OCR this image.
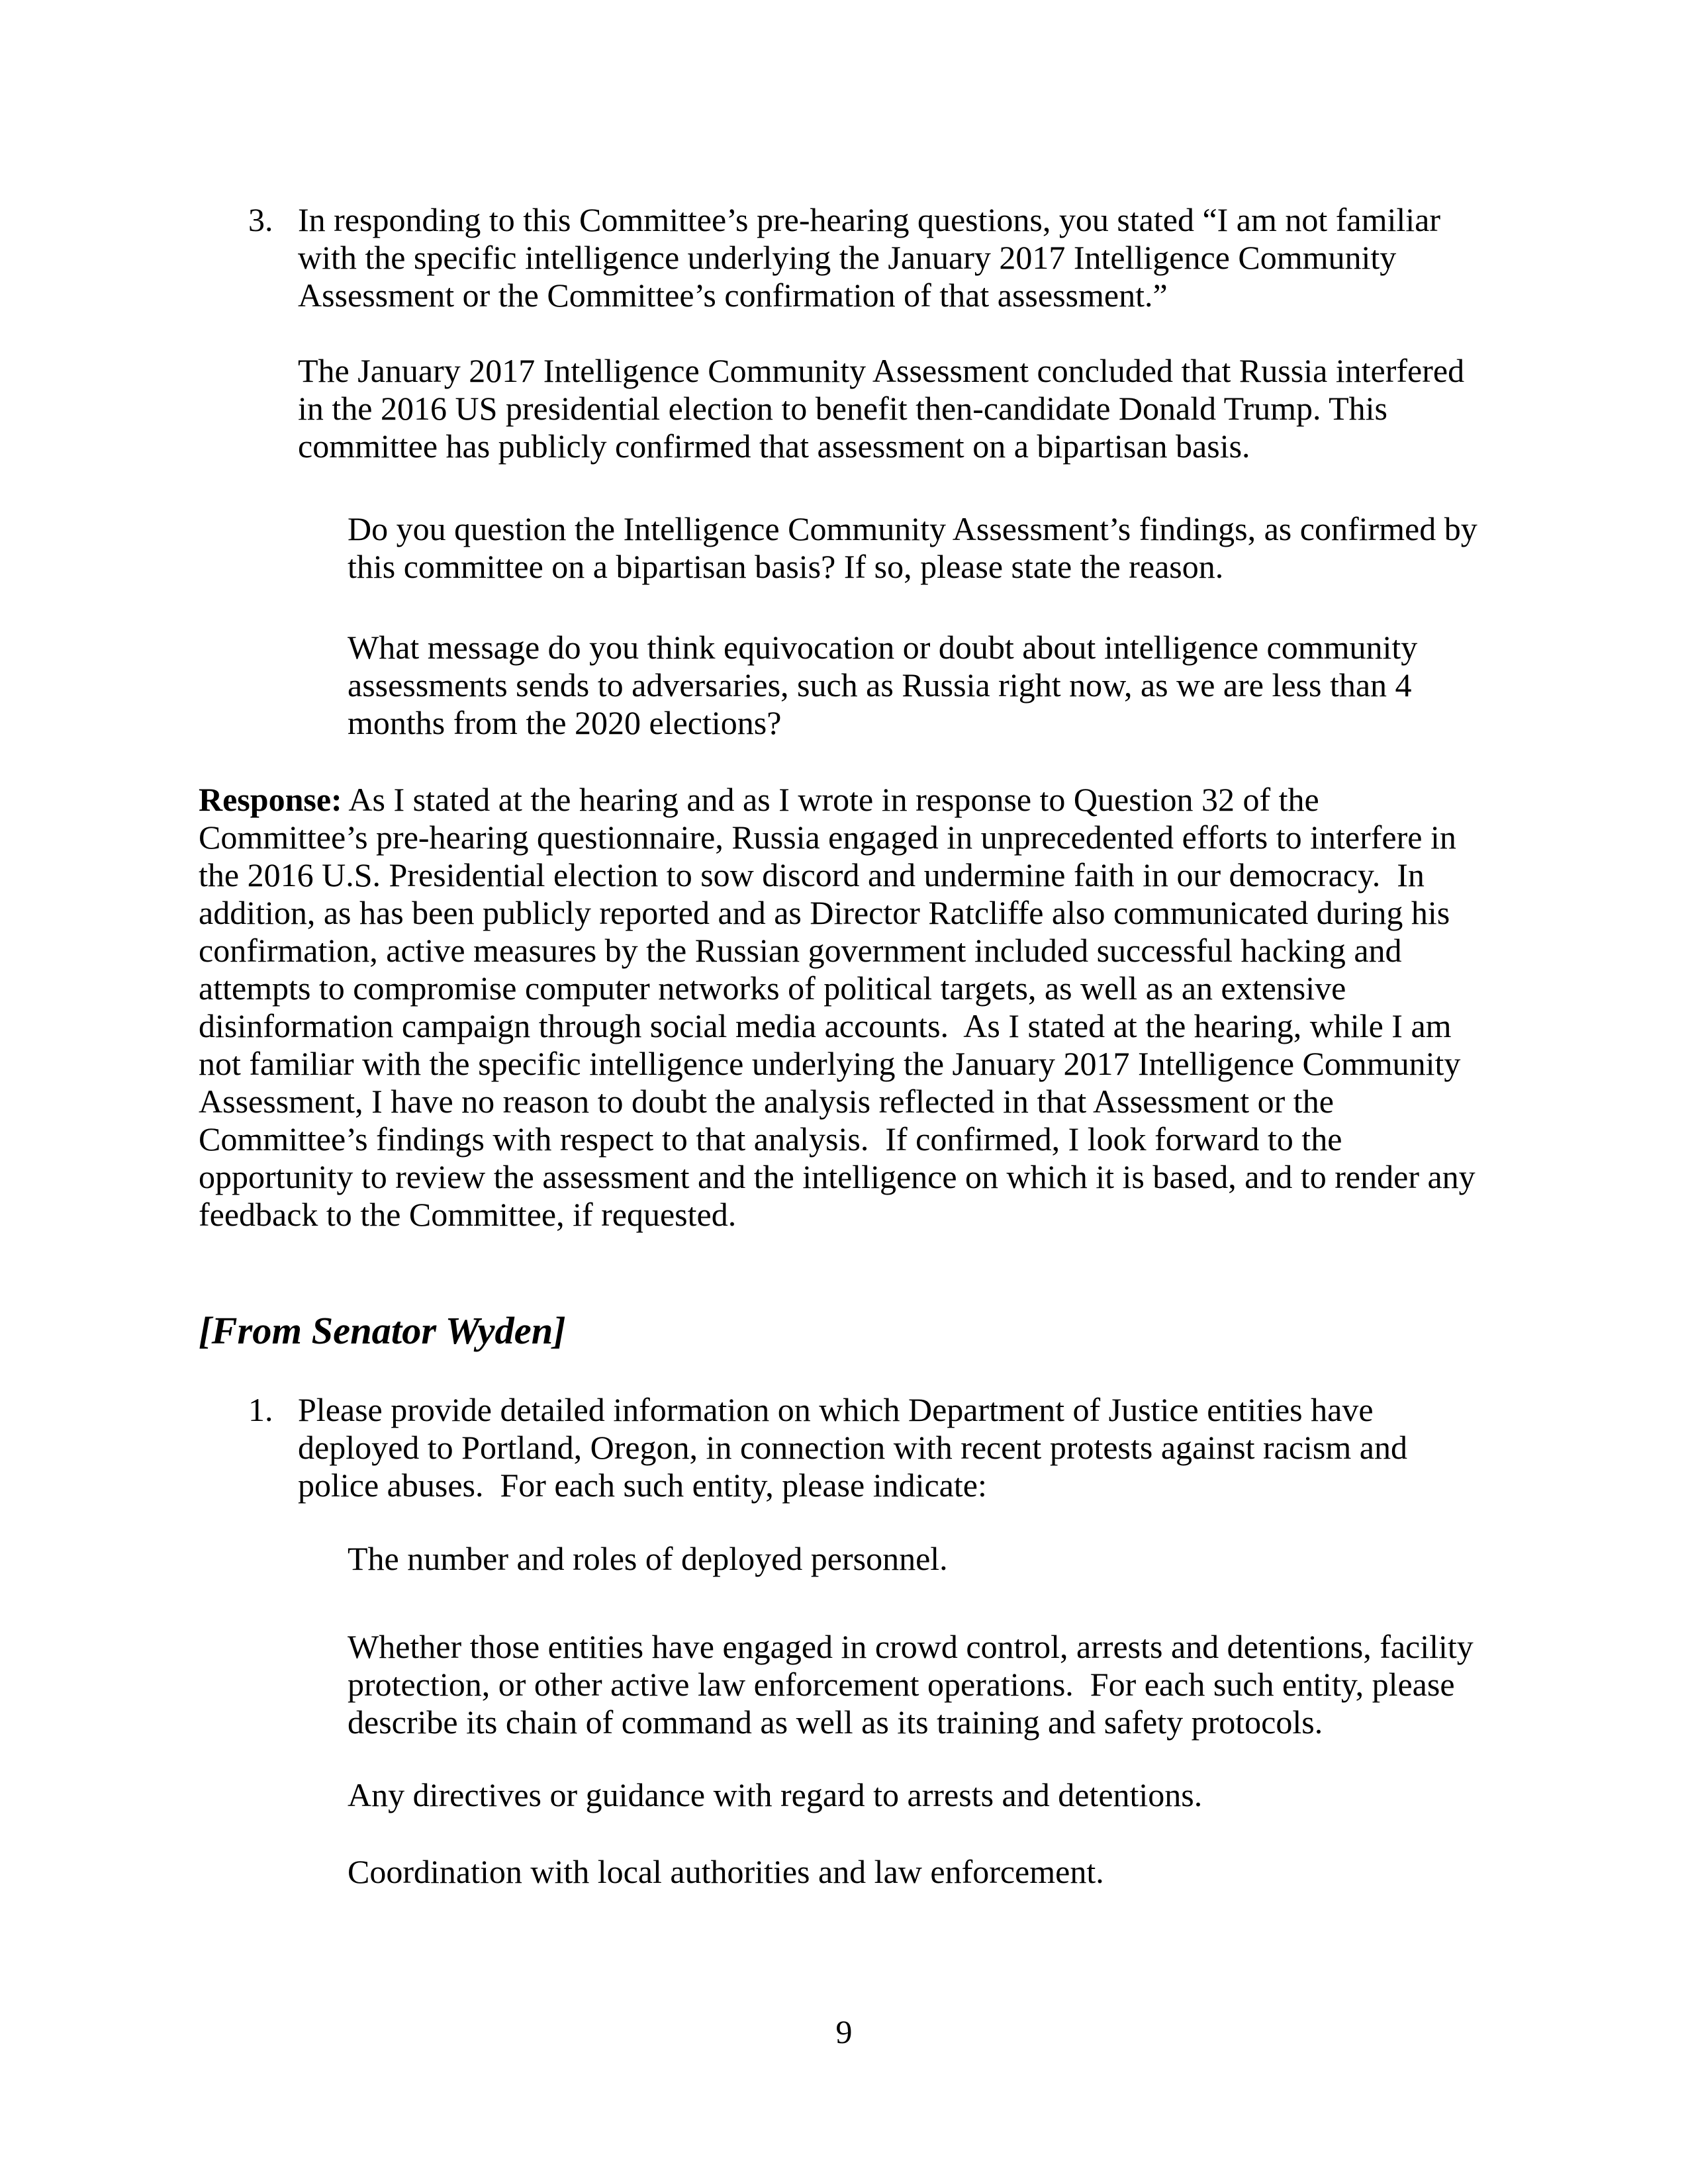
3. In responding to this Committee’s pre-hearing questions, you stated “I am not familiar with the specific intelligence underlying the January 2017 Intelligence Community Assessment or the Committee’s confirmation of that assessment.”

The January 2017 Intelligence Community Assessment concluded that Russia interfered in the 2016 US presidential election to benefit then-candidate Donald Trump. This committee has publicly confirmed that assessment on a bipartisan basis.

Do you question the Intelligence Community Assessment’s findings, as confirmed by this committee on a bipartisan basis? If so, please state the reason.
What message do you think equivocation or doubt about intelligence community assessments sends to adversaries, such as Russia right now, as we are less than 4 months from the 2020 elections?

Response: As I stated at the hearing and as I wrote in response to Question 32 of the Committee’s pre-hearing questionnaire, Russia engaged in unprecedented efforts to interfere in the 2016 U.S. Presidential election to sow discord and undermine faith in our democracy.  In addition, as has been publicly reported and as Director Ratcliffe also communicated during his confirmation, active measures by the Russian government included successful hacking and attempts to compromise computer networks of political targets, as well as an extensive disinformation campaign through social media accounts.  As I stated at the hearing, while I am not familiar with the specific intelligence underlying the January 2017 Intelligence Community Assessment, I have no reason to doubt the analysis reflected in that Assessment or the Committee’s findings with respect to that analysis.  If confirmed, I look forward to the opportunity to review the assessment and the intelligence on which it is based, and to render any feedback to the Committee, if requested.

[From Senator Wyden]
1. Please provide detailed information on which Department of Justice entities have deployed to Portland, Oregon, in connection with recent protests against racism and police abuses.  For each such entity, please indicate:
The number and roles of deployed personnel.
Whether those entities have engaged in crowd control, arrests and detentions, facility protection, or other active law enforcement operations.  For each such entity, please describe its chain of command as well as its training and safety protocols.
Any directives or guidance with regard to arrests and detentions.
Coordination with local authorities and law enforcement.
9
